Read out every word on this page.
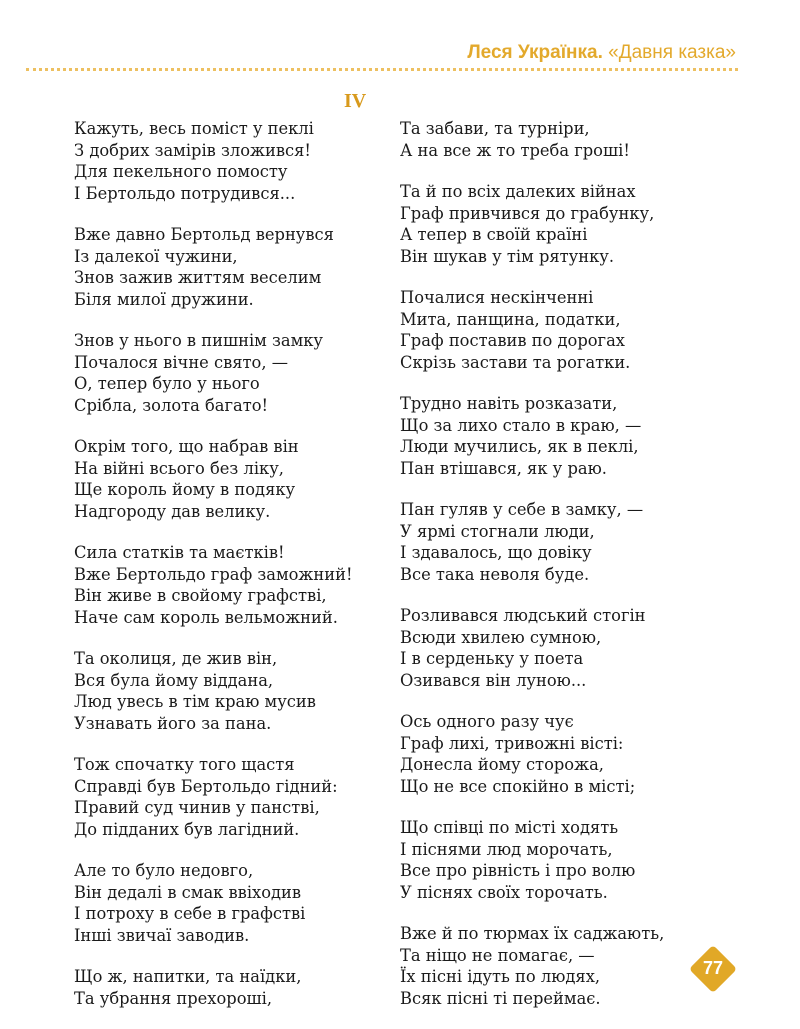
Леся Українка. «Давня казка»
IV
Кажуть, весь поміст у пеклі
З добрих замірів зложився!
Для пекельного помосту
І Бертольдо потрудився...
Вже давно Бертольд вернувся
Із далекої чужини,
Знов зажив життям веселим
Біля милої дружини.
Знов у нього в пишнім замку
Почалося вічне свято, —
О, тепер було у нього
Срібла, золота багато!
Окрім того, що набрав він
На війні всього без ліку,
Ще король йому в подяку
Надгороду дав велику.
Сила статків та маєтків!
Вже Бертольдо граф заможний!
Він живе в свойому графстві,
Наче сам король вельможний.
Та околиця, де жив він,
Вся була йому віддана,
Люд увесь в тім краю мусив
Узнавать його за пана.
Тож спочатку того щастя
Справді був Бертольдо гідний:
Правий суд чинив у панстві,
До підданих був лагідний.
Але то було недовго,
Він дедалі в смак ввіходив
І потроху в себе в графстві
Інші звичаї заводив.
Що ж, напитки, та наїдки,
Та убрання прехороші,
Та забави, та турніри,
А на все ж то треба гроші!
Та й по всіх далеких війнах
Граф привчився до грабунку,
А тепер в своїй країні
Він шукав у тім рятунку.
Почалися нескінченні
Мита, панщина, податки,
Граф поставив по дорогах
Скрізь застави та рогатки.
Трудно навіть розказати,
Що за лихо стало в краю, —
Люди мучились, як в пеклі,
Пан втішався, як у раю.
Пан гуляв у себе в замку, —
У ярмі стогнали люди,
І здавалось, що довіку
Все така неволя буде.
Розливався людський стогін
Всюди хвилею сумною,
І в серденьку у поета
Озивався він луною...
Ось одного разу чує
Граф лихі, тривожні вісті:
Донесла йому сторожа,
Що не все спокійно в місті;
Що співці по місті ходять
І піснями люд морочать,
Все про рівність і про волю
У піснях своїх торочать.
Вже й по тюрмах їх саджають,
Та ніщо не помагає, —
Їх пісні ідуть по людях,
Всяк пісні ті переймає.
77
